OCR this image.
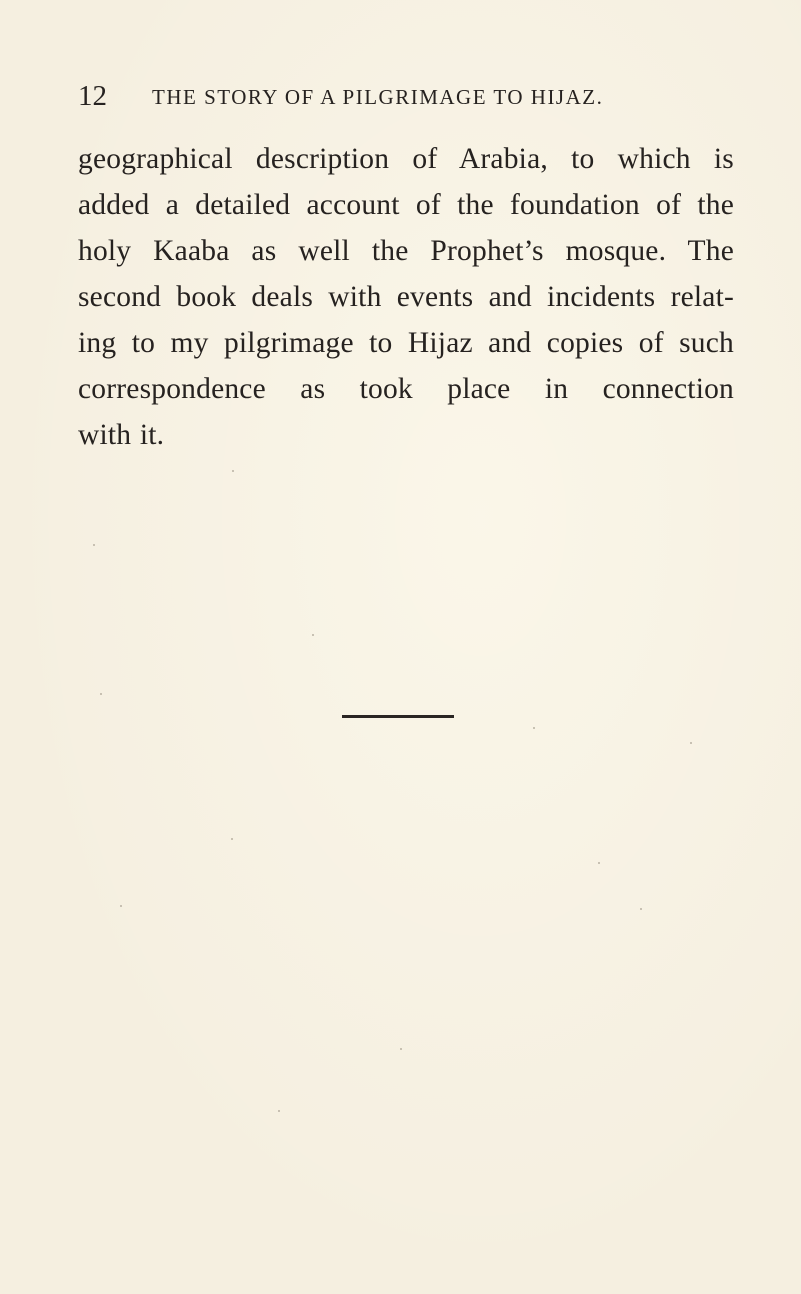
12 THE STORY OF A PILGRIMAGE TO HIJAZ.
geographical description of Arabia, to which is
added a detailed account of the foundation of the
holy Kaaba as well the Prophet’s mosque. The
second book deals with events and incidents relat-
ing to my pilgrimage to Hijaz and copies of such
correspondence as took place in connection
with it.
